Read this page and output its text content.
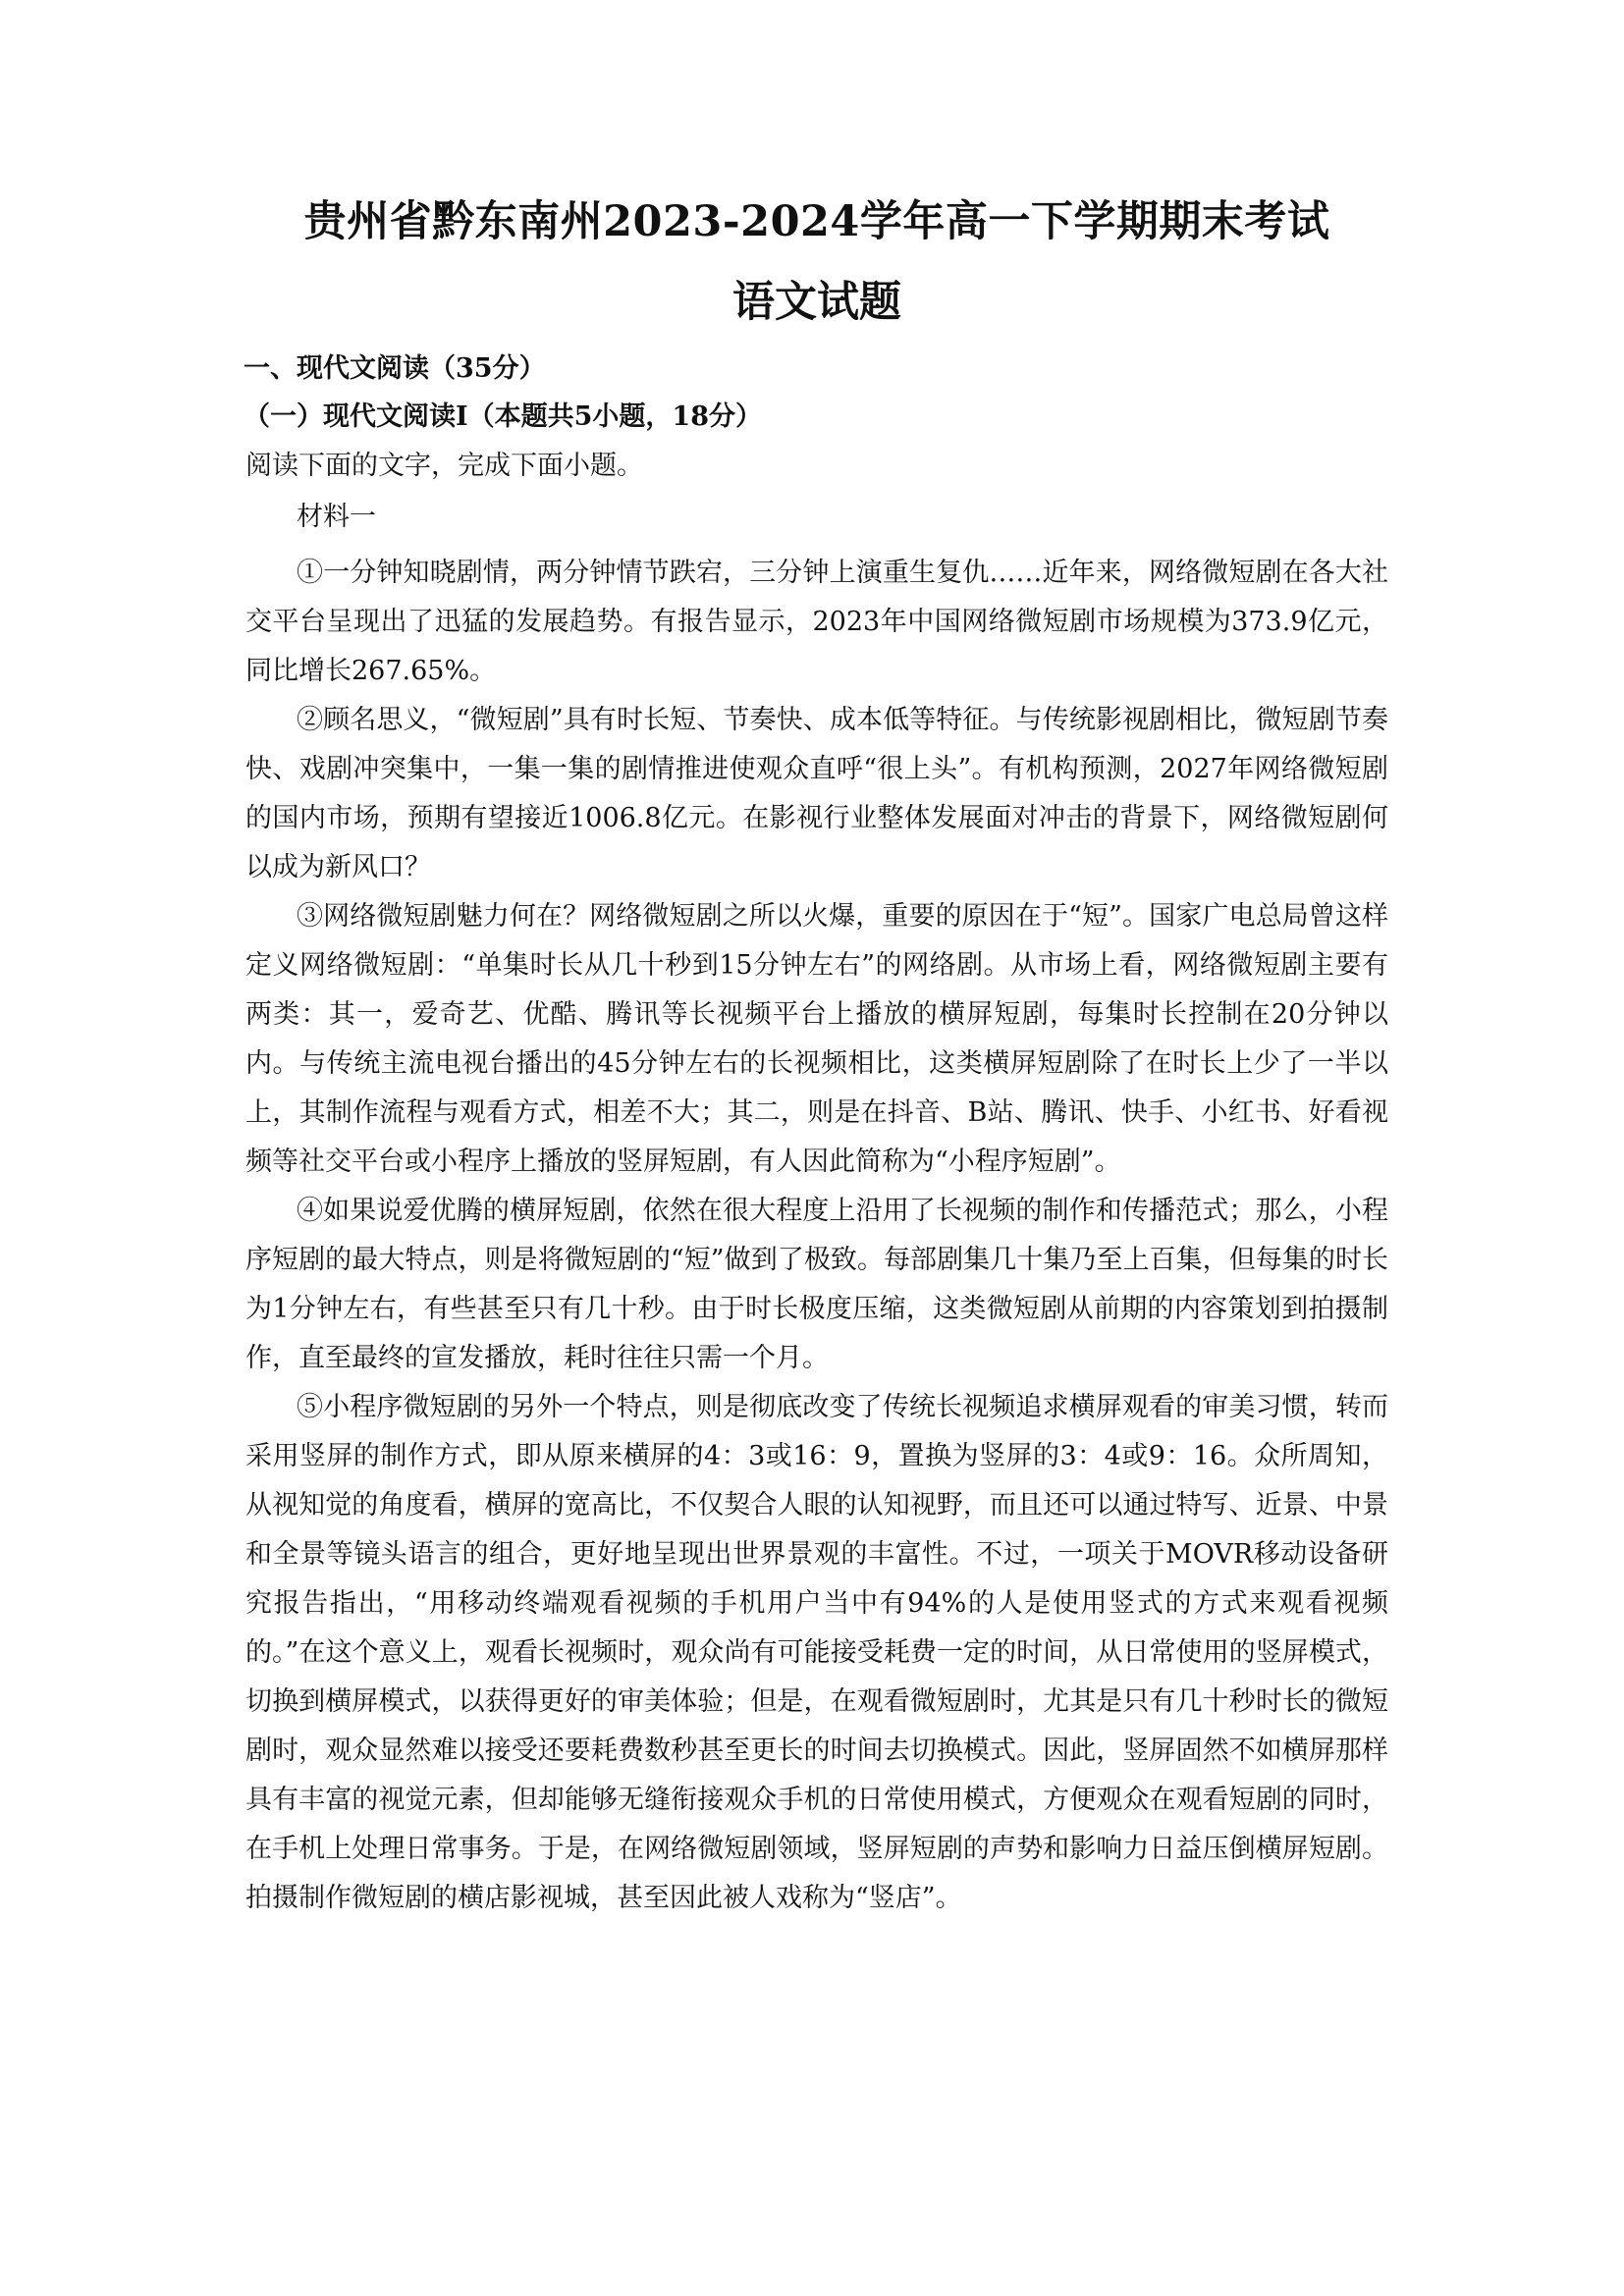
贵州省黔东南州2023-2024学年高一下学期期末考试
语文试题
一、现代文阅读（35分）
（一）现代文阅读Ⅰ（本题共5小题，18分）
阅读下面的文字，完成下面小题。
材料一

①一分钟知晓剧情，两分钟情节跌宕，三分钟上演重生复仇……近年来，网络微短剧在各大社交平台呈现出了迅猛的发展趋势。有报告显示，2023年中国网络微短剧市场规模为373.9亿元，同比增长267.65%。

②顾名思义，“微短剧”具有时长短、节奏快、成本低等特征。与传统影视剧相比，微短剧节奏快、戏剧冲突集中，一集一集的剧情推进使观众直呼“很上头”。有机构预测，2027年网络微短剧的国内市场，预期有望接近1006.8亿元。在影视行业整体发展面对冲击的背景下，网络微短剧何以成为新风口？

③网络微短剧魅力何在？网络微短剧之所以火爆，重要的原因在于“短”。国家广电总局曾这样定义网络微短剧：“单集时长从几十秒到15分钟左右”的网络剧。从市场上看，网络微短剧主要有两类：其一，爱奇艺、优酷、腾讯等长视频平台上播放的横屏短剧，每集时长控制在20分钟以内。与传统主流电视台播出的45分钟左右的长视频相比，这类横屏短剧除了在时长上少了一半以上，其制作流程与观看方式，相差不大；其二，则是在抖音、B站、腾讯、快手、小红书、好看视频等社交平台或小程序上播放的竖屏短剧，有人因此简称为“小程序短剧”。

④如果说爱优腾的横屏短剧，依然在很大程度上沿用了长视频的制作和传播范式；那么，小程序短剧的最大特点，则是将微短剧的“短”做到了极致。每部剧集几十集乃至上百集，但每集的时长为1分钟左右，有些甚至只有几十秒。由于时长极度压缩，这类微短剧从前期的内容策划到拍摄制作，直至最终的宣发播放，耗时往往只需一个月。

⑤小程序微短剧的另外一个特点，则是彻底改变了传统长视频追求横屏观看的审美习惯，转而采用竖屏的制作方式，即从原来横屏的4：3或16：9，置换为竖屏的3：4或9：16。众所周知，从视知觉的角度看，横屏的宽高比，不仅契合人眼的认知视野，而且还可以通过特写、近景、中景和全景等镜头语言的组合，更好地呈现出世界景观的丰富性。不过，一项关于MOVR移动设备研究报告指出，“用移动终端观看视频的手机用户当中有94%的人是使用竖式的方式来观看视频的。”在这个意义上，观看长视频时，观众尚有可能接受耗费一定的时间，从日常使用的竖屏模式，切换到横屏模式，以获得更好的审美体验；但是，在观看微短剧时，尤其是只有几十秒时长的微短剧时，观众显然难以接受还要耗费数秒甚至更长的时间去切换模式。因此，竖屏固然不如横屏那样具有丰富的视觉元素，但却能够无缝衔接观众手机的日常使用模式，方便观众在观看短剧的同时，在手机上处理日常事务。于是，在网络微短剧领域，竖屏短剧的声势和影响力日益压倒横屏短剧。拍摄制作微短剧的横店影视城，甚至因此被人戏称为“竖店”。
